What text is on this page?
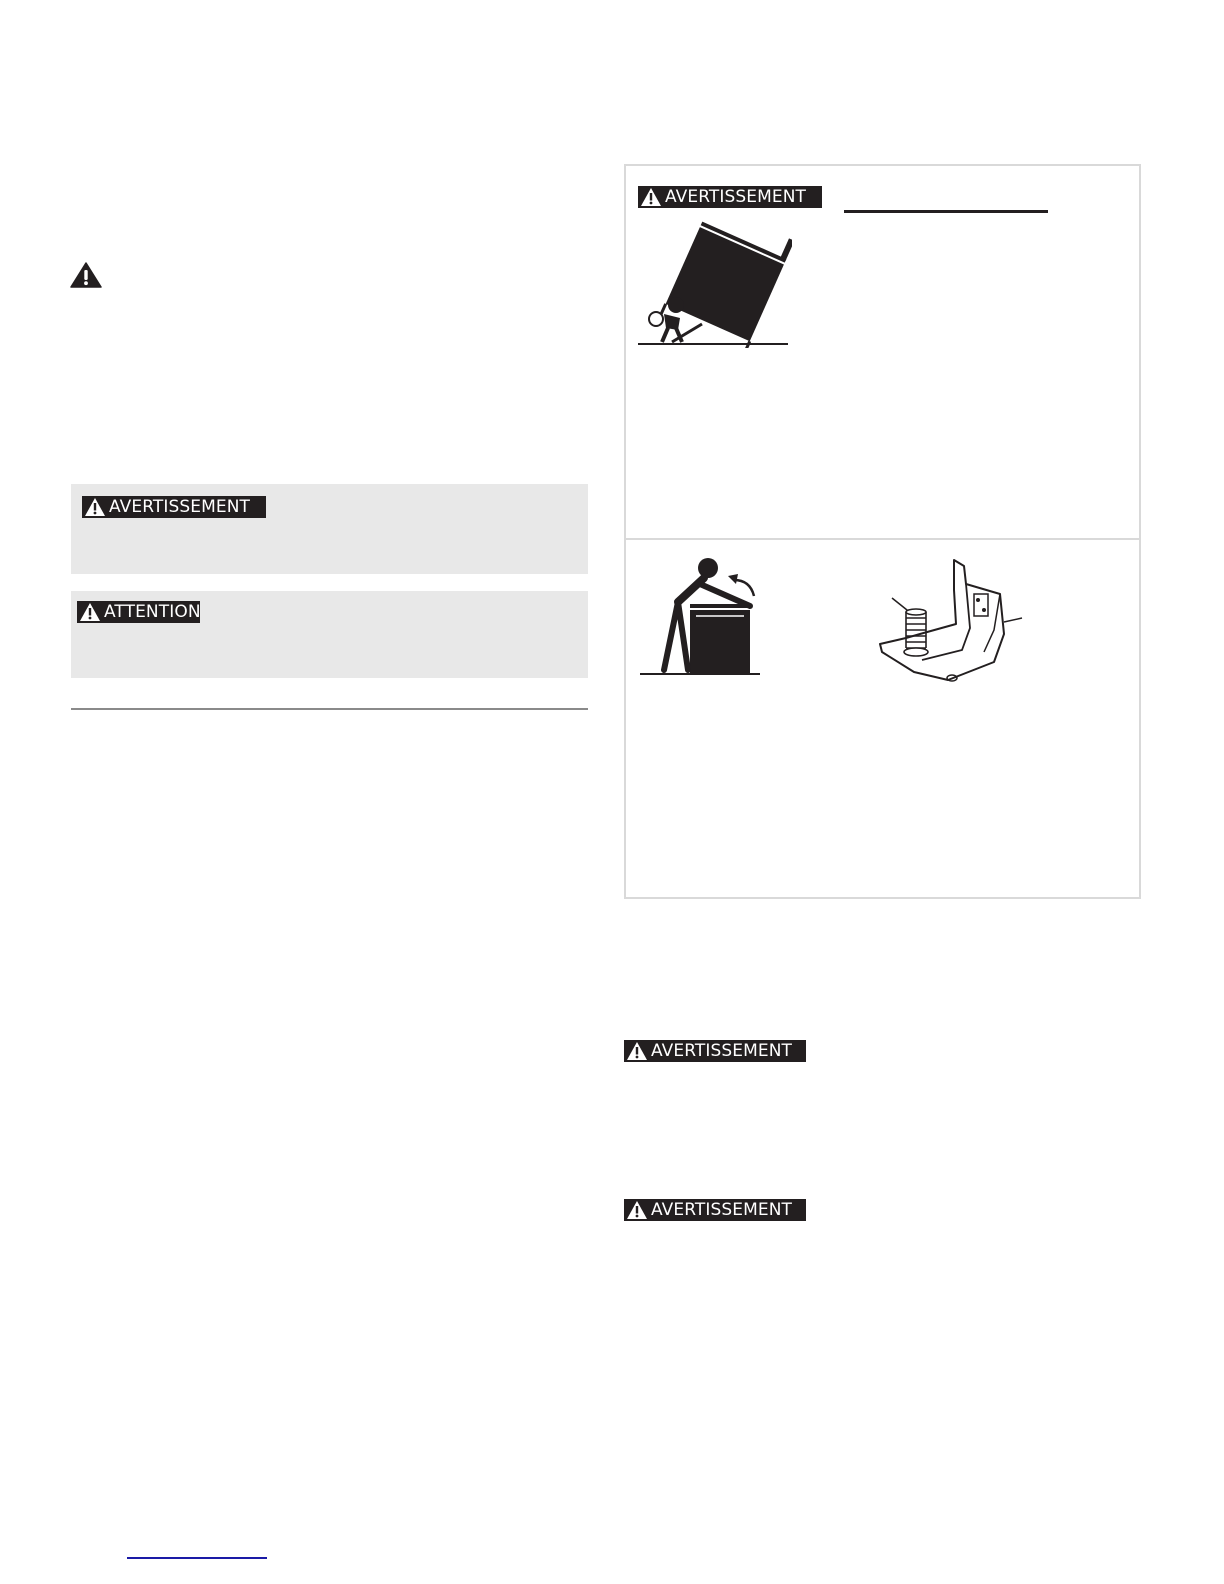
AVERTISSEMENT
ATTENTION
AVERTISSEMENT
AVERTISSEMENT
AVERTISSEMENT
